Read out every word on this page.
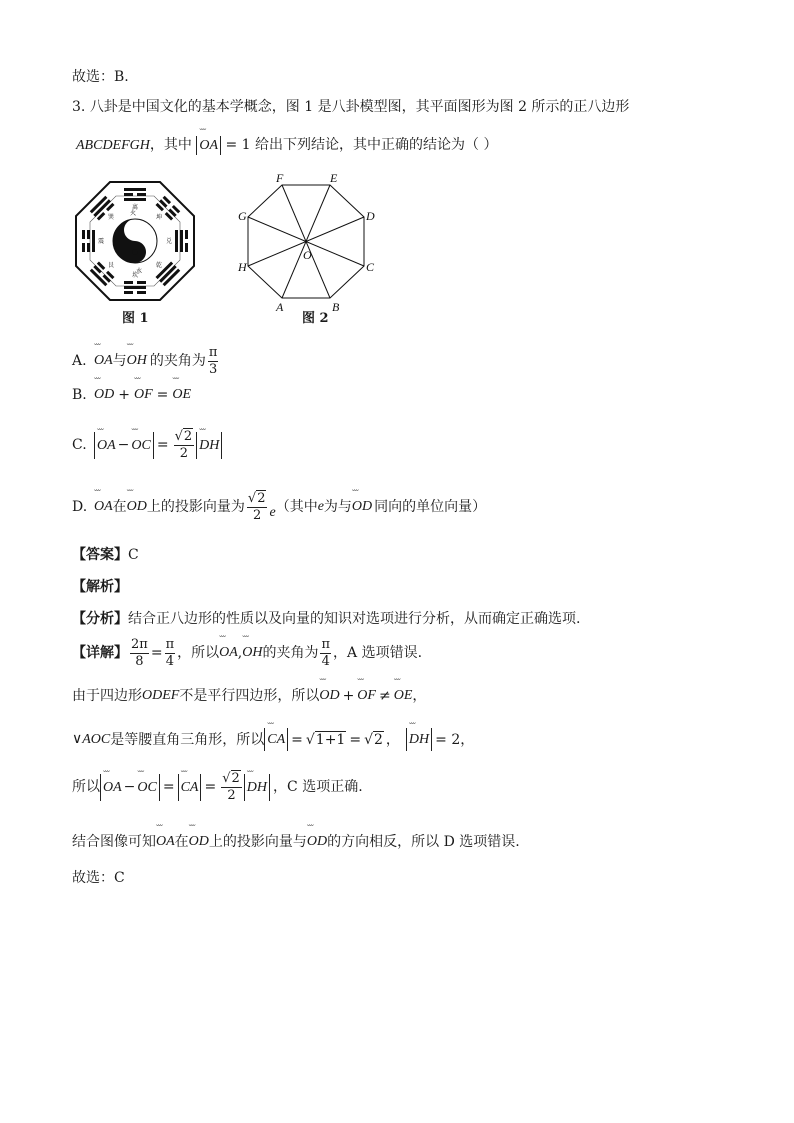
故选：B.
3. 八卦是中国文化的基本学概念，图 1 是八卦模型图，其平面图形为图 2 所示的正八边形
ABCDEFGH，其中 ˘˘˘ OA = 1 给出下列结论，其中正确的结论为（ ）
离
坤
兑
乾
坎
艮
震
巽
火
水
图 1
A	B
C
D
E
F
G
H
O
图 2
A. ˘˘˘ OA 与 ˘˘˘ OH 的夹角为 $\frac{\pi}{3}$
B. ˘˘˘ OD + ˘˘˘ OF = ˘˘˘ OE
C. ˘˘˘ OA − ˘˘˘ OC = $\frac{√2}{2}$ ˘˘˘ DH
D. ˘˘˘ OA 在 ˘˘˘ OD 上的投影向量为 $\frac{√2}{2}$ e （其中 e 为与 ˘˘˘ OD 同向的单位向量）
【答案】C
【解析】
【分析】结合正八边形的性质以及向量的知识对选项进行分析，从而确定正确选项.
【详解】 $\frac{2\pi}{8} = \frac{\pi}{4}$ ，所以 ˘˘˘ OA , ˘˘˘ OH 的夹角为 $\frac{\pi}{4}$ ，A 选项错误.
由于四边形 ODEF 不是平行四边形，所以 ˘˘˘ OD + ˘˘˘ OF ≠ ˘˘˘ OE ，
∨AOC 是等腰直角三角形，所以 ˘˘˘ CA = √1+1 = √2 ， ˘˘˘ DH = 2，
所以 ˘˘˘ OA − ˘˘˘ OC = ˘˘˘ CA = $\frac{√2}{2}$ ˘˘˘ DH ，C 选项正确.
结合图像可知 ˘˘˘ OA 在 ˘˘˘ OD 上的投影向量与 ˘˘˘ OD 的方向相反，所以 D 选项错误.
故选：C
